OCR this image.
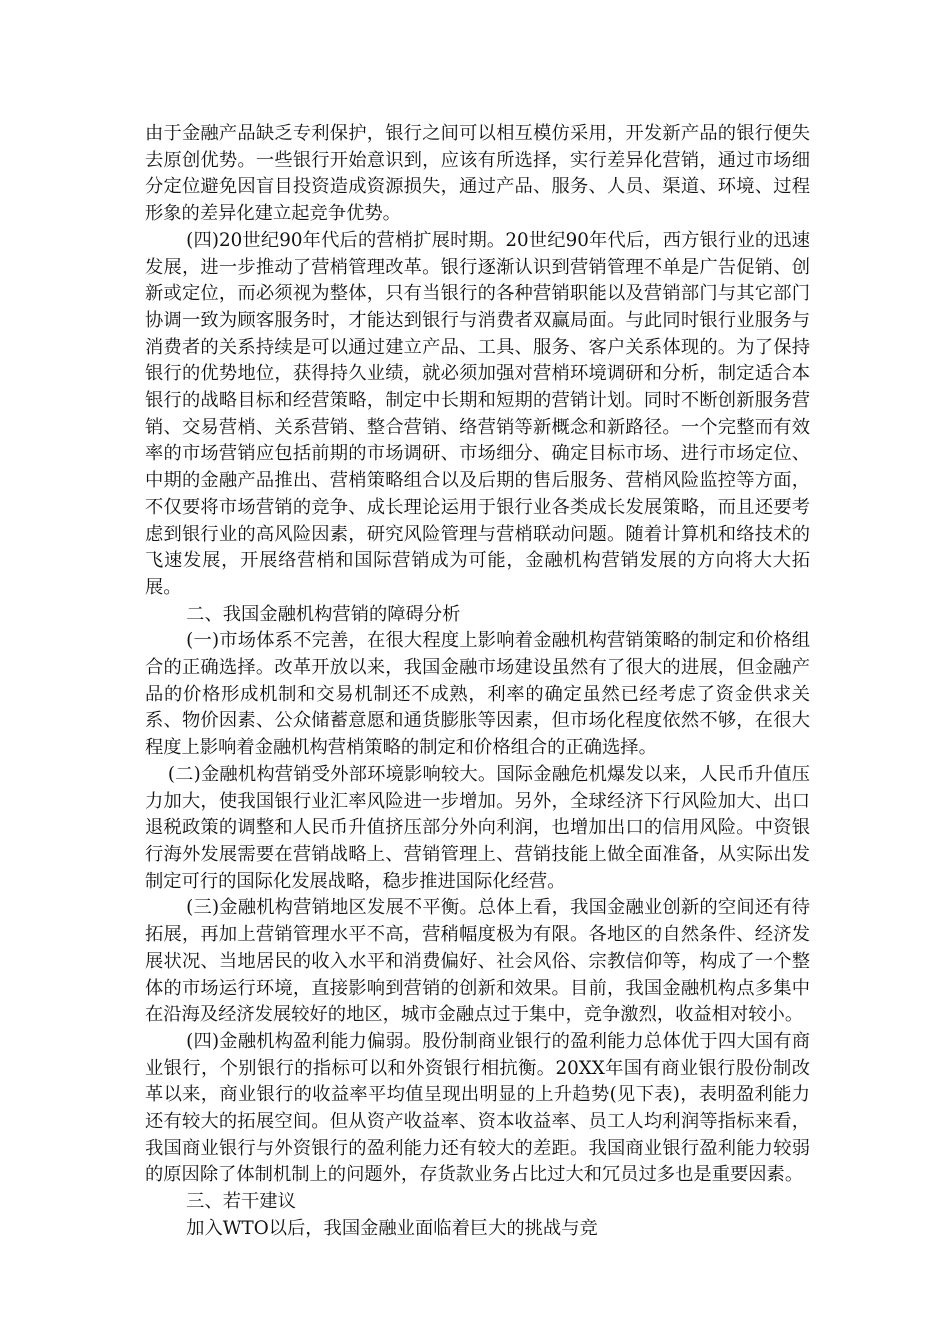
由于金融产品缺乏专利保护，银行之间可以相互模仿采用，开发新产品的银行便失去原创优势。一些银行开始意识到，应该有所选择，实行差异化营销，通过市场细分定位避免因盲目投资造成资源损失，通过产品、服务、人员、渠道、环境、过程形象的差异化建立起竞争优势。

(四)20世纪90年代后的营梢扩展时期。20世纪90年代后，西方银行业的迅速发展，进一步推动了营梢管理改革。银行逐渐认识到营销管理不单是广告促销、创新或定位，而必须视为整体，只有当银行的各种营销职能以及营销部门与其它部门协调一致为顾客服务时，才能达到银行与消费者双赢局面。与此同时银行业服务与消费者的关系持续是可以通过建立产品、工具、服务、客户关系体现的。为了保持银行的优势地位，获得持久业绩，就必须加强对营梢环境调研和分析，制定适合本银行的战略目标和经营策略，制定中长期和短期的营销计划。同时不断创新服务营销、交易营梢、关系营销、整合营销、络营销等新概念和新路径。一个完整而有效率的市场营销应包括前期的市场调研、市场细分、确定目标市场、进行市场定位、中期的金融产品推出、营梢策略组合以及后期的售后服务、营梢风险监控等方面，不仅要将市场营销的竞争、成长理论运用于银行业各类成长发展策略，而且还要考虑到银行业的高风险因素，研究风险管理与营梢联动问题。随着计算机和络技术的飞速发展，开展络营梢和国际营销成为可能，金融机构营销发展的方向将大大拓展。

二、我国金融机构营销的障碍分析

(一)市场体系不完善，在很大程度上影响着金融机构营销策略的制定和价格组合的正确选择。改革开放以来，我国金融市场建设虽然有了很大的进展，但金融产品的价格形成机制和交易机制还不成熟，利率的确定虽然已经考虑了资金供求关系、物价因素、公众储蓄意愿和通货膨胀等因素，但市场化程度依然不够，在很大程度上影响着金融机构营梢策略的制定和价格组合的正确选择。

(二)金融机构营销受外部环境影响较大。国际金融危机爆发以来，人民币升值压力加大，使我国银行业汇率风险进一步增加。另外，全球经济下行风险加大、出口退税政策的调整和人民币升值挤压部分外向利润，也增加出口的信用风险。中资银行海外发展需要在营销战略上、营销管理上、营销技能上做全面准备，从实际出发制定可行的国际化发展战略，稳步推进国际化经营。

(三)金融机构营销地区发展不平衡。总体上看，我国金融业创新的空间还有待拓展，再加上营销管理水平不高，营稍幅度极为有限。各地区的自然条件、经济发展状况、当地居民的收入水平和消费偏好、社会风俗、宗教信仰等，构成了一个整体的市场运行环境，直接影响到营销的创新和效果。目前，我国金融机构点多集中在沿海及经济发展较好的地区，城市金融点过于集中，竞争激烈，收益相对较小。

(四)金融机构盈利能力偏弱。股份制商业银行的盈利能力总体优于四大国有商业银行，个别银行的指标可以和外资银行相抗衡。20XX年国有商业银行股份制改革以来，商业银行的收益率平均值呈现出明显的上升趋势(见下表)，表明盈利能力还有较大的拓展空间。但从资产收益率、资本收益率、员工人均利润等指标来看，我国商业银行与外资银行的盈利能力还有较大的差距。我国商业银行盈利能力较弱的原因除了体制机制上的问题外，存货款业务占比过大和冗员过多也是重要因素。

三、若干建议

加入WTO以后，我国金融业面临着巨大的挑战与竞
